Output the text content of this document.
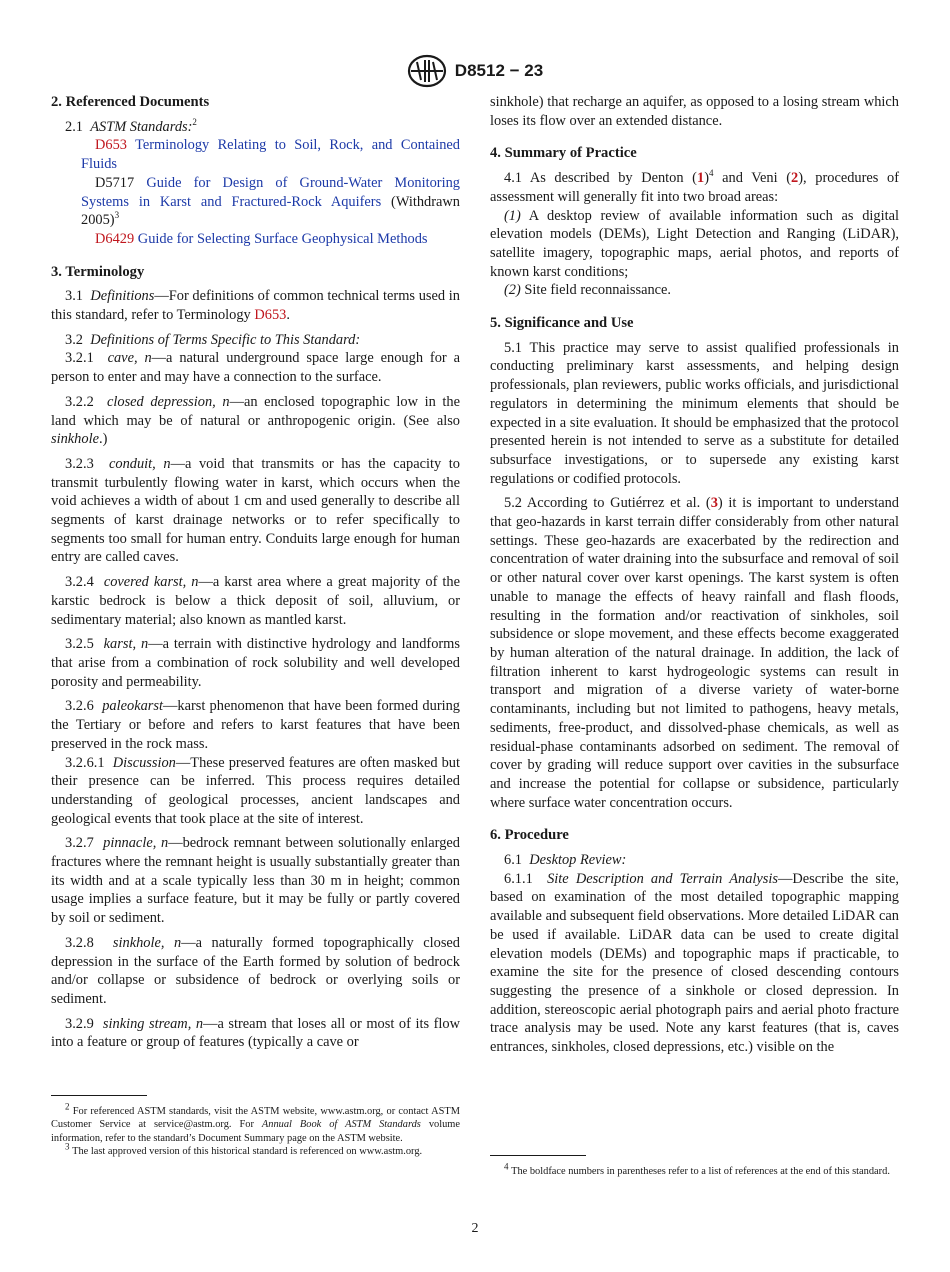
D8512 − 23
2. Referenced Documents

2.1 ASTM Standards:$^2$

D653 Terminology Relating to Soil, Rock, and Contained Fluids

D5717 Guide for Design of Ground-Water Monitoring Systems in Karst and Fractured-Rock Aquifers (Withdrawn 2005)$^3$

D6429 Guide for Selecting Surface Geophysical Methods

3. Terminology

3.1 Definitions—For definitions of common technical terms used in this standard, refer to Terminology D653.

3.2 Definitions of Terms Specific to This Standard:

3.2.1 cave, n—a natural underground space large enough for a person to enter and may have a connection to the surface.

3.2.2 closed depression, n—an enclosed topographic low in the land which may be of natural or anthropogenic origin. (See also sinkhole.)

3.2.3 conduit, n—a void that transmits or has the capacity to transmit turbulently flowing water in karst, which occurs when the void achieves a width of about 1 cm and used generally to describe all segments of karst drainage networks or to refer specifically to segments too small for human entry. Conduits large enough for human entry are called caves.

3.2.4 covered karst, n—a karst area where a great majority of the karstic bedrock is below a thick deposit of soil, alluvium, or sedimentary material; also known as mantled karst.

3.2.5 karst, n—a terrain with distinctive hydrology and landforms that arise from a combination of rock solubility and well developed porosity and permeability.

3.2.6 paleokarst—karst phenomenon that have been formed during the Tertiary or before and refers to karst features that have been preserved in the rock mass.

3.2.6.1 Discussion—These preserved features are often masked but their presence can be inferred. This process requires detailed understanding of geological processes, ancient landscapes and geological events that took place at the site of interest.

3.2.7 pinnacle, n—bedrock remnant between solutionally enlarged fractures where the remnant height is usually substantially greater than its width and at a scale typically less than 30 m in height; common usage implies a surface feature, but it may be fully or partly covered by soil or sediment.

3.2.8 sinkhole, n—a naturally formed topographically closed depression in the surface of the Earth formed by solution of bedrock and/or collapse or subsidence of bedrock or overlying soils or sediment.

3.2.9 sinking stream, n—a stream that loses all or most of its flow into a feature or group of features (typically a cave or

$^2$ For referenced ASTM standards, visit the ASTM website, www.astm.org, or contact ASTM Customer Service at service@astm.org. For Annual Book of ASTM Standards volume information, refer to the standard’s Document Summary page on the ASTM website.

$^3$ The last approved version of this historical standard is referenced on www.astm.org.

sinkhole) that recharge an aquifer, as opposed to a losing stream which loses its flow over an extended distance.

4. Summary of Practice

4.1 As described by Denton $(1)^4$ and Veni (2), procedures of assessment will generally fit into two broad areas:

(1) A desktop review of available information such as digital elevation models (DEMs), Light Detection and Ranging (LiDAR), satellite imagery, topographic maps, aerial photos, and reports of known karst conditions;

(2) Site field reconnaissance.

5. Significance and Use

5.1 This practice may serve to assist qualified professionals in conducting preliminary karst assessments, and helping design professionals, plan reviewers, public works officials, and jurisdictional regulators in determining the minimum elements that should be expected in a site evaluation. It should be emphasized that the protocol presented herein is not intended to serve as a substitute for detailed subsurface investigations, or to supersede any existing karst regulations or codified protocols.

5.2 According to Gutiérrez et al. (3) it is important to understand that geo-hazards in karst terrain differ considerably from other natural settings. These geo-hazards are exacerbated by the redirection and concentration of water draining into the subsurface and removal of soil or other natural cover over karst openings. The karst system is often unable to manage the effects of heavy rainfall and flash floods, resulting in the formation and/or reactivation of sinkholes, soil subsidence or slope movement, and these effects become exaggerated by human alteration of the natural drainage. In addition, the lack of filtration inherent to karst hydrogeologic systems can result in transport and migration of a diverse variety of water-borne contaminants, including but not limited to pathogens, heavy metals, sediments, free-product, and dissolved-phase chemicals, as well as residual-phase contaminants adsorbed on sediment. The removal of cover by grading will reduce support over cavities in the subsurface and increase the potential for collapse or subsidence, particularly where surface water concentration occurs.

6. Procedure

6.1 Desktop Review:

6.1.1 Site Description and Terrain Analysis—Describe the site, based on examination of the most detailed topographic mapping available and subsequent field observations. More detailed LiDAR can be used if available. LiDAR data can be used to create digital elevation models (DEMs) and topographic maps if practicable, to examine the site for the presence of closed descending contours suggesting the presence of a sinkhole or closed depression. In addition, stereoscopic aerial photograph pairs and aerial photo fracture trace analysis may be used. Note any karst features (that is, caves entrances, sinkholes, closed depressions, etc.) visible on the

$^4$ The boldface numbers in parentheses refer to a list of references at the end of this standard.

2
